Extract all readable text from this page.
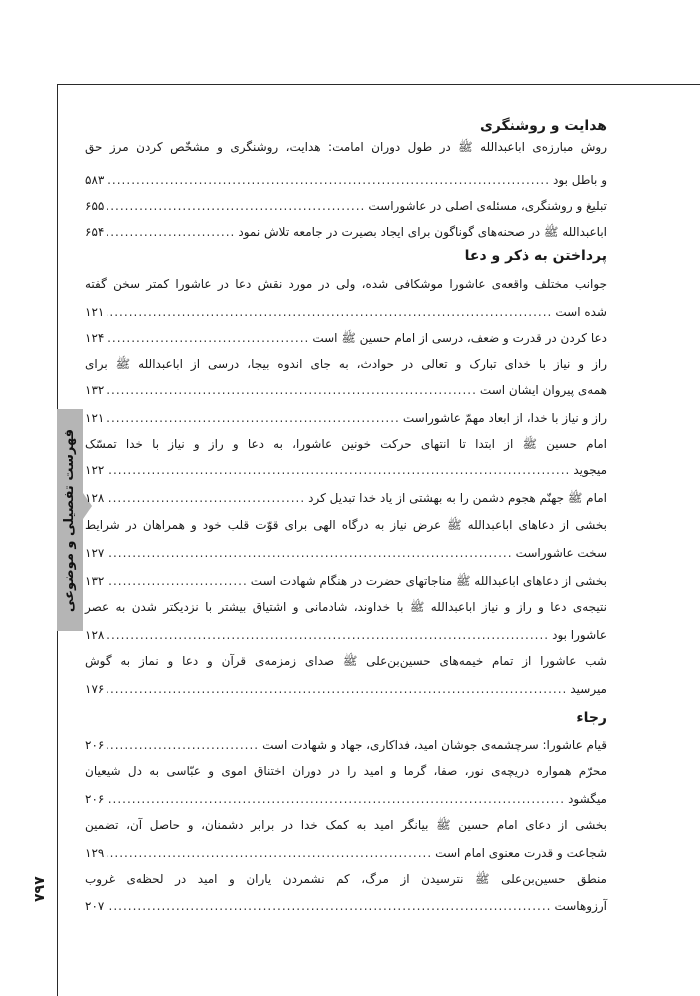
فهرست تفصیلی و موضوعی
۷۹۷
هدایت و روشنگری
روش مبارزه‌ی اباعبدالله ﷺ در طول دوران امامت: هدایت، روشنگری و مشخّص کردن مرز حق
و باطل بود
.....
۵۸۳
تبلیغ و روشنگری، مسئله‌ی اصلی در عاشوراست
.....
۶۵۵
اباعبدالله ﷺ در صحنه‌های گوناگون برای ایجاد بصیرت در جامعه تلاش نمود
.....
۶۵۴
پرداختن به ذکر و دعا
جوانب مختلف واقعه‌ی عاشورا موشکافی شده، ولی در مورد نقش دعا در عاشورا کمتر سخن گفته
شده است
.....
۱۲۱
دعا کردن در قدرت و ضعف، درسی از امام حسین ﷺ است
.....
۱۲۴
راز و نیاز با خدای تبارک و تعالی در حوادث، به جای اندوه بیجا، درسی از اباعبدالله ﷺ برای
همه‌ی پیروان ایشان است
.....
۱۳۲
راز و نیاز با خدا، از ابعاد مهمّ عاشوراست
.....
۱۲۱
امام حسین ﷺ از ابتدا تا انتهای حرکت خونین عاشورا، به دعا و راز و نیاز با خدا تمسّک
میجوید
.....
۱۲۲
امام ﷺ جهنّم هجوم دشمن را به بهشتی از یاد خدا تبدیل کرد
.....
۱۲۸
بخشی از دعاهای اباعبدالله ﷺ عرض نیاز به درگاه الهی برای قوّت قلب خود و همراهان در شرایط
سخت عاشوراست
.....
۱۲۷
بخشی از دعاهای اباعبدالله ﷺ مناجاتهای حضرت در هنگام شهادت است
.....
۱۳۲
نتیجه‌ی دعا و راز و نیاز اباعبدالله ﷺ با خداوند، شادمانی و اشتیاق بیشتر با نزدیکتر شدن به عصر
عاشورا بود
.....
۱۲۸
شب عاشورا از تمام خیمه‌های حسین‌بن‌علی ﷺ صدای زمزمه‌ی قرآن و دعا و نماز به گوش
میرسید
.....
۱۷۶
رجاء
قیام عاشورا: سرچشمه‌ی جوشان امید، فداکاری، جهاد و شهادت است
.....
۲۰۶
محرّم همواره دریچه‌ی نور، صفا، گرما و امید را در دوران اختناق اموی و عبّاسی به دل شیعیان
میگشود
.....
۲۰۶
بخشی از دعای امام حسین ﷺ بیانگر امید به کمک خدا در برابر دشمنان، و حاصل آن، تضمین
شجاعت و قدرت معنوی امام است
.....
۱۲۹
منطق حسین‌بن‌علی ﷺ نترسیدن از مرگ، کم نشمردن یاران و امید در لحظه‌ی غروب
آرزوهاست
.....
۲۰۷
